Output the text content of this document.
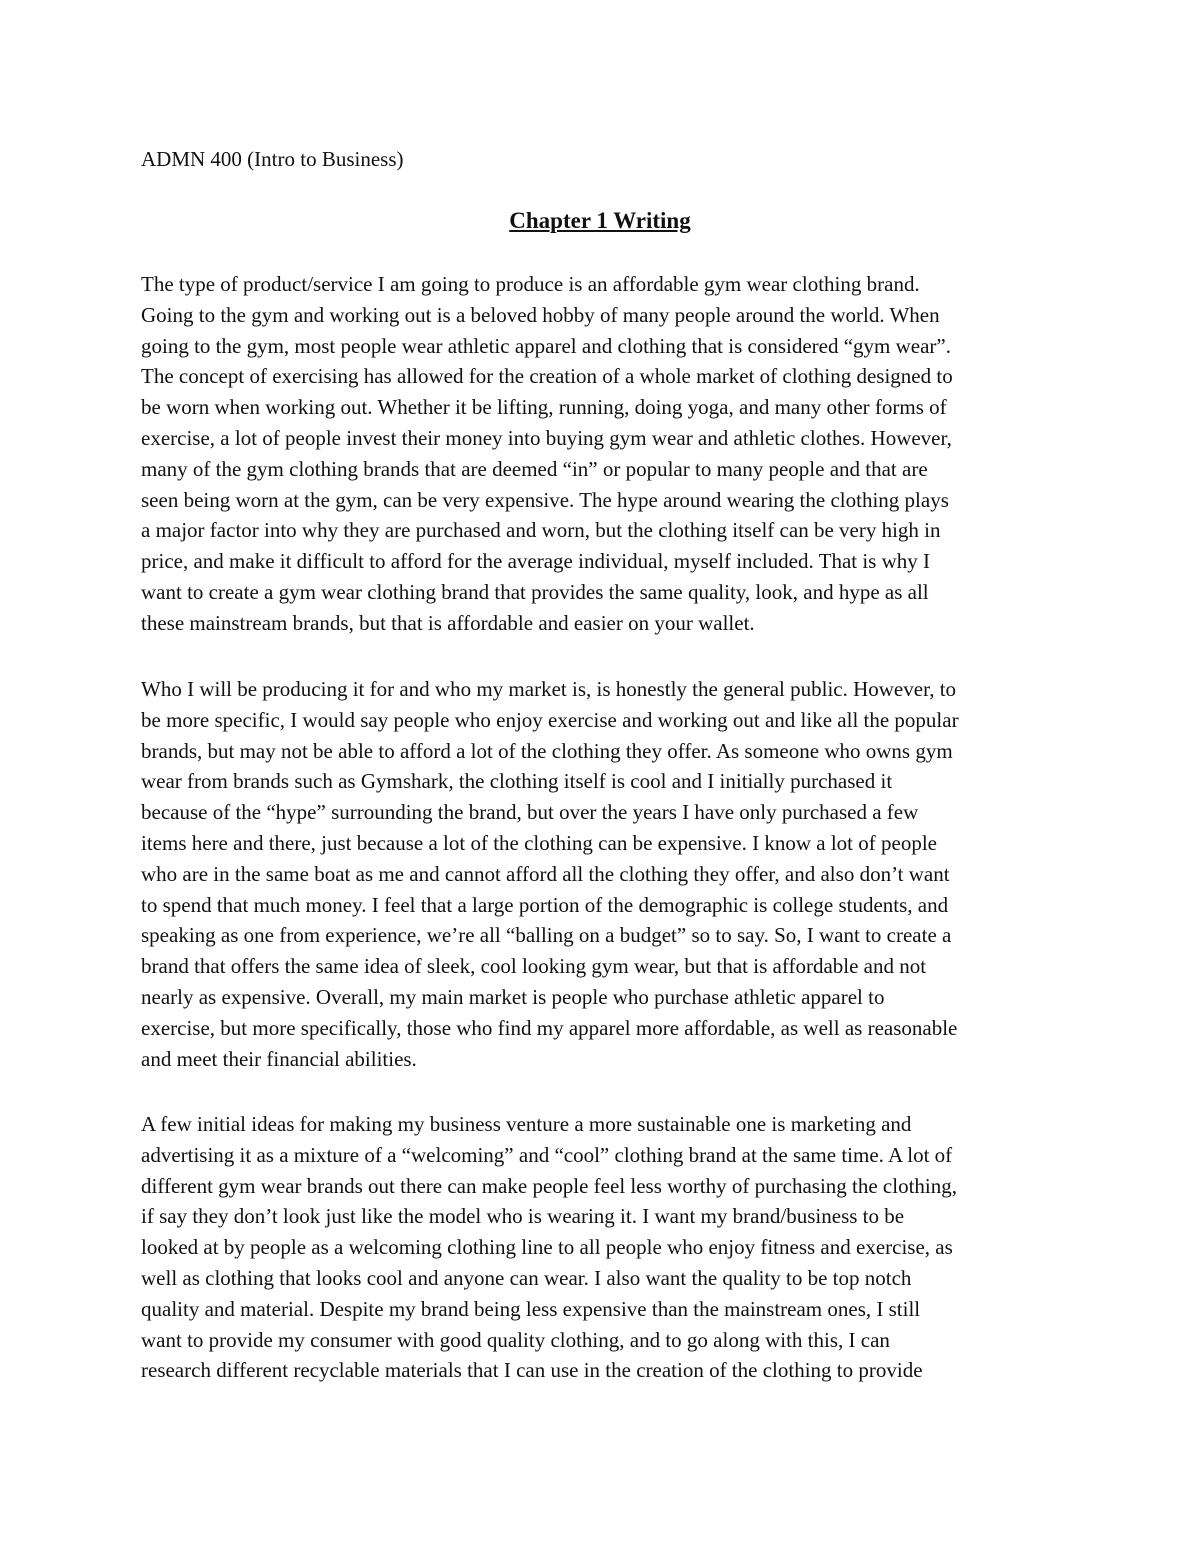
ADMN 400 (Intro to Business)

Chapter 1 Writing
The type of product/service I am going to produce is an affordable gym wear clothing brand.
Going to the gym and working out is a beloved hobby of many people around the world. When
going to the gym, most people wear athletic apparel and clothing that is considered “gym wear”.
The concept of exercising has allowed for the creation of a whole market of clothing designed to
be worn when working out. Whether it be lifting, running, doing yoga, and many other forms of
exercise, a lot of people invest their money into buying gym wear and athletic clothes. However,
many of the gym clothing brands that are deemed “in” or popular to many people and that are
seen being worn at the gym, can be very expensive. The hype around wearing the clothing plays
a major factor into why they are purchased and worn, but the clothing itself can be very high in
price, and make it difficult to afford for the average individual, myself included. That is why I
want to create a gym wear clothing brand that provides the same quality, look, and hype as all
these mainstream brands, but that is affordable and easier on your wallet.
Who I will be producing it for and who my market is, is honestly the general public. However, to
be more specific, I would say people who enjoy exercise and working out and like all the popular
brands, but may not be able to afford a lot of the clothing they offer. As someone who owns gym
wear from brands such as Gymshark, the clothing itself is cool and I initially purchased it
because of the “hype” surrounding the brand, but over the years I have only purchased a few
items here and there, just because a lot of the clothing can be expensive. I know a lot of people
who are in the same boat as me and cannot afford all the clothing they offer, and also don’t want
to spend that much money. I feel that a large portion of the demographic is college students, and
speaking as one from experience, we’re all “balling on a budget” so to say. So, I want to create a
brand that offers the same idea of sleek, cool looking gym wear, but that is affordable and not
nearly as expensive. Overall, my main market is people who purchase athletic apparel to
exercise, but more specifically, those who find my apparel more affordable, as well as reasonable
and meet their financial abilities.
A few initial ideas for making my business venture a more sustainable one is marketing and
advertising it as a mixture of a “welcoming” and “cool” clothing brand at the same time. A lot of
different gym wear brands out there can make people feel less worthy of purchasing the clothing,
if say they don’t look just like the model who is wearing it. I want my brand/business to be
looked at by people as a welcoming clothing line to all people who enjoy fitness and exercise, as
well as clothing that looks cool and anyone can wear. I also want the quality to be top notch
quality and material. Despite my brand being less expensive than the mainstream ones, I still
want to provide my consumer with good quality clothing, and to go along with this, I can
research different recyclable materials that I can use in the creation of the clothing to provide
